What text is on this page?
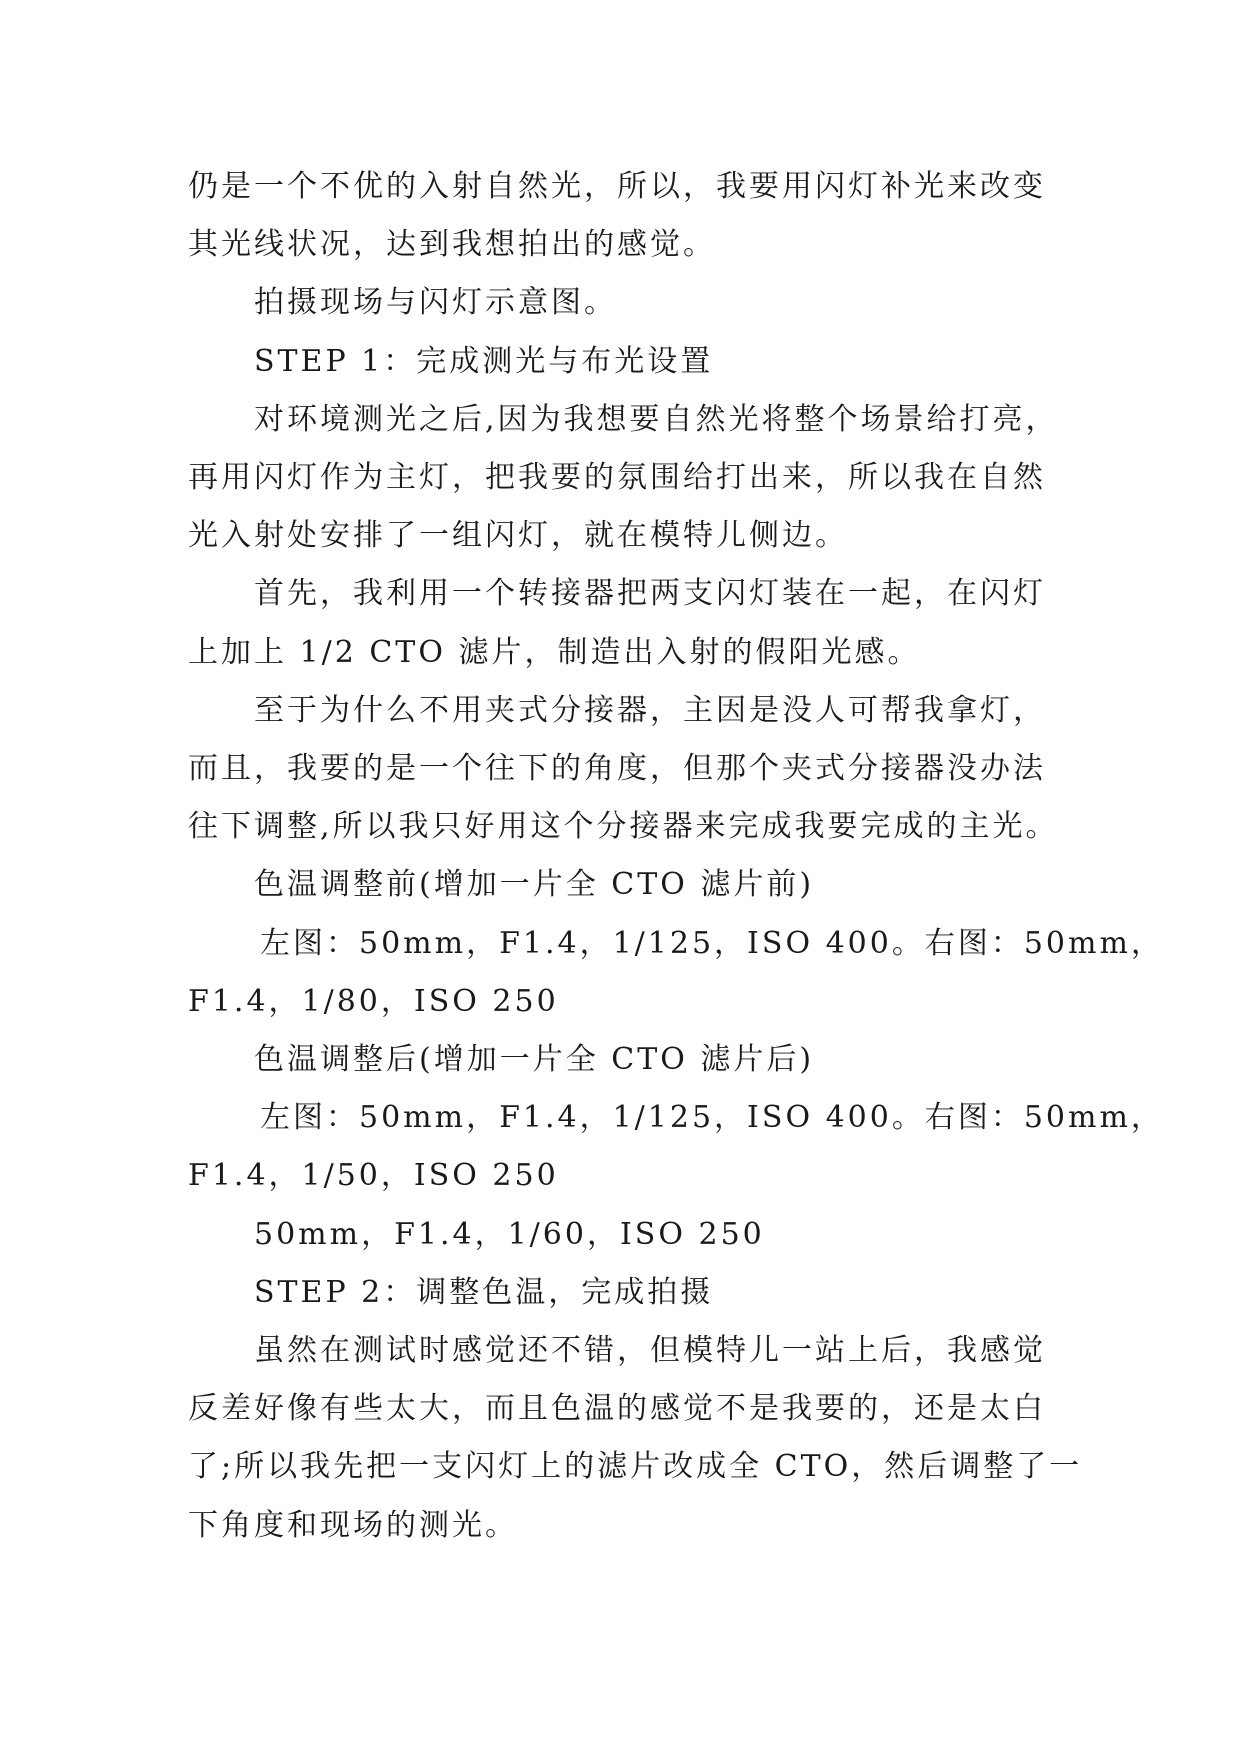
仍是一个不优的入射自然光，所以，我要用闪灯补光来改变

其光线状况，达到我想拍出的感觉。

拍摄现场与闪灯示意图。

STEP 1：完成测光与布光设置

对环境测光之后,因为我想要自然光将整个场景给打亮，

再用闪灯作为主灯，把我要的氛围给打出来，所以我在自然

光入射处安排了一组闪灯，就在模特儿侧边。

首先，我利用一个转接器把两支闪灯装在一起，在闪灯

上加上 1/2 CTO 滤片，制造出入射的假阳光感。

至于为什么不用夹式分接器，主因是没人可帮我拿灯，

而且，我要的是一个往下的角度，但那个夹式分接器没办法

往下调整,所以我只好用这个分接器来完成我要完成的主光。

色温调整前(增加一片全 CTO 滤片前)

左图：50mm，F1.4，1/125，ISO 400。右图：50mm，

F1.4，1/80，ISO 250

色温调整后(增加一片全 CTO 滤片后)

左图：50mm，F1.4，1/125，ISO 400。右图：50mm，

F1.4，1/50，ISO 250

50mm，F1.4，1/60，ISO 250

STEP 2：调整色温，完成拍摄

虽然在测试时感觉还不错，但模特儿一站上后，我感觉

反差好像有些太大，而且色温的感觉不是我要的，还是太白

了;所以我先把一支闪灯上的滤片改成全 CTO，然后调整了一

下角度和现场的测光。
